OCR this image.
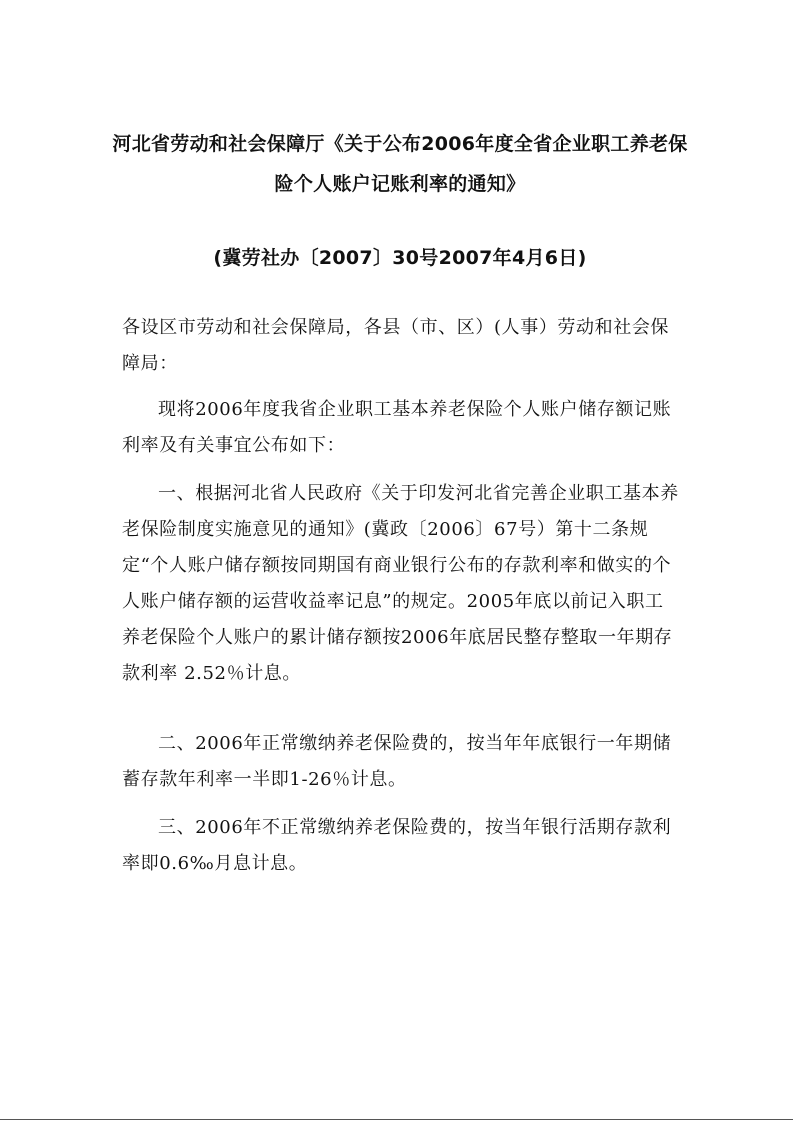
河北省劳动和社会保障厅《关于公布2006年度全省企业职工养老保
险个人账户记账利率的通知》
(冀劳社办〔2007〕30号2007年4月6日)
各设区市劳动和社会保障局，各县（市、区）(人事）劳动和社会保障局：

现将2006年度我省企业职工基本养老保险个人账户储存额记账利率及有关事宜公布如下：

一、根据河北省人民政府《关于印发河北省完善企业职工基本养老保险制度实施意见的通知》(冀政〔2006〕67号）第十二条规定“个人账户储存额按同期国有商业银行公布的存款利率和做实的个人账户储存额的运营收益率记息”的规定。2005年底以前记入职工养老保险个人账户的累计储存额按2006年底居民整存整取一年期存款利率 2.52％计息。

二、2006年正常缴纳养老保险费的，按当年年底银行一年期储蓄存款年利率一半即1-26％计息。

三、2006年不正常缴纳养老保险费的，按当年银行活期存款利率即0.6‰月息计息。
